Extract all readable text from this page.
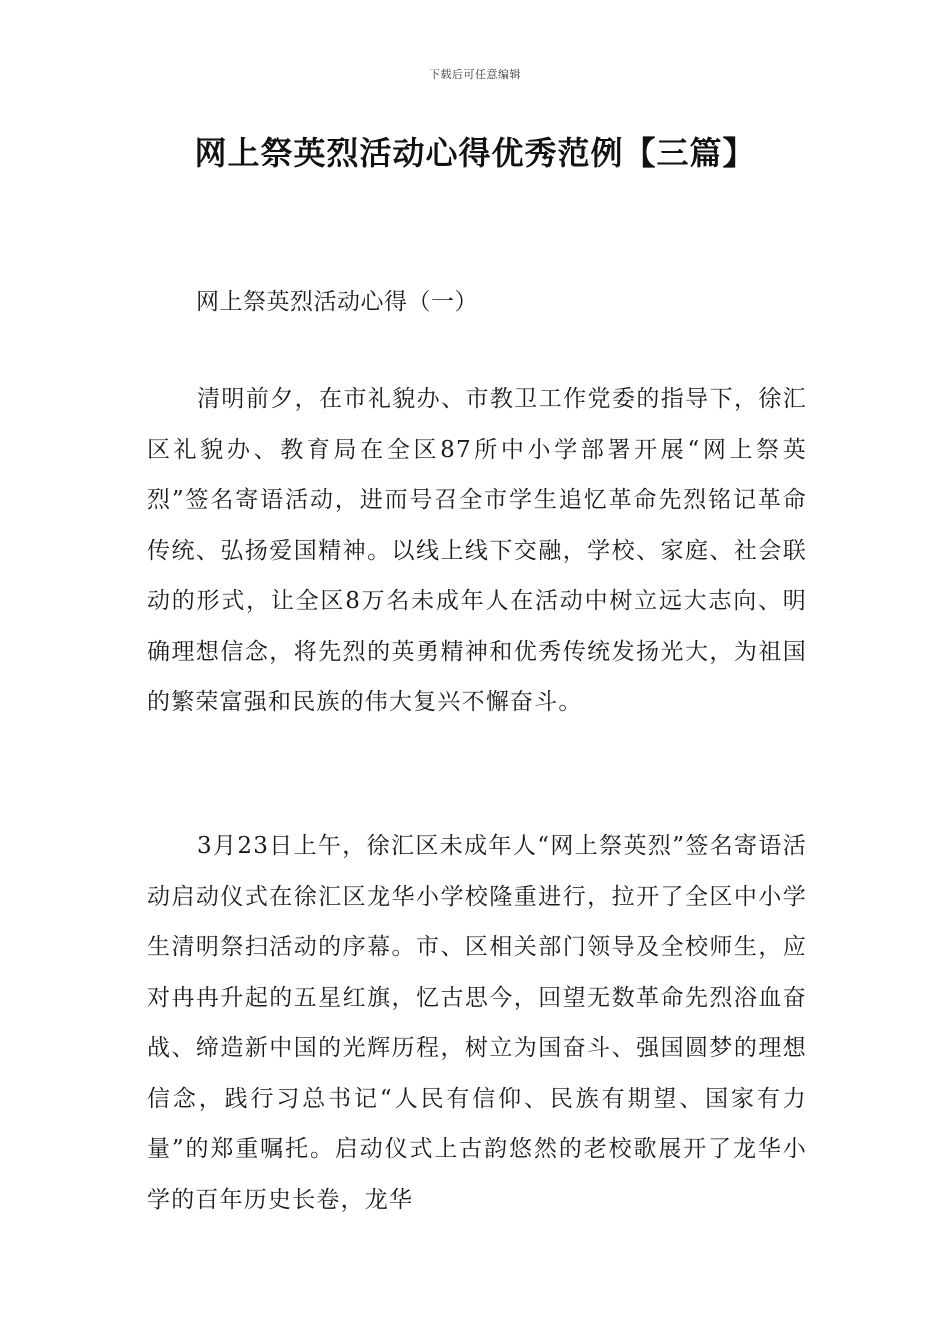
下载后可任意编辑
网上祭英烈活动心得优秀范例【三篇】
网上祭英烈活动心得（一）

清明前夕，在市礼貌办、市教卫工作党委的指导下，徐汇区礼貌办、教育局在全区87所中小学部署开展“网上祭英烈”签名寄语活动，进而号召全市学生追忆革命先烈铭记革命传统、弘扬爱国精神。以线上线下交融，学校、家庭、社会联动的形式，让全区8万名未成年人在活动中树立远大志向、明确理想信念，将先烈的英勇精神和优秀传统发扬光大，为祖国的繁荣富强和民族的伟大复兴不懈奋斗。

3月23日上午，徐汇区未成年人“网上祭英烈”签名寄语活动启动仪式在徐汇区龙华小学校隆重进行，拉开了全区中小学生清明祭扫活动的序幕。市、区相关部门领导及全校师生，应对冉冉升起的五星红旗，忆古思今，回望无数革命先烈浴血奋战、缔造新中国的光辉历程，树立为国奋斗、强国圆梦的理想信念，践行习总书记“人民有信仰、民族有期望、国家有力量”的郑重嘱托。启动仪式上古韵悠然的老校歌展开了龙华小学的百年历史长卷，龙华
